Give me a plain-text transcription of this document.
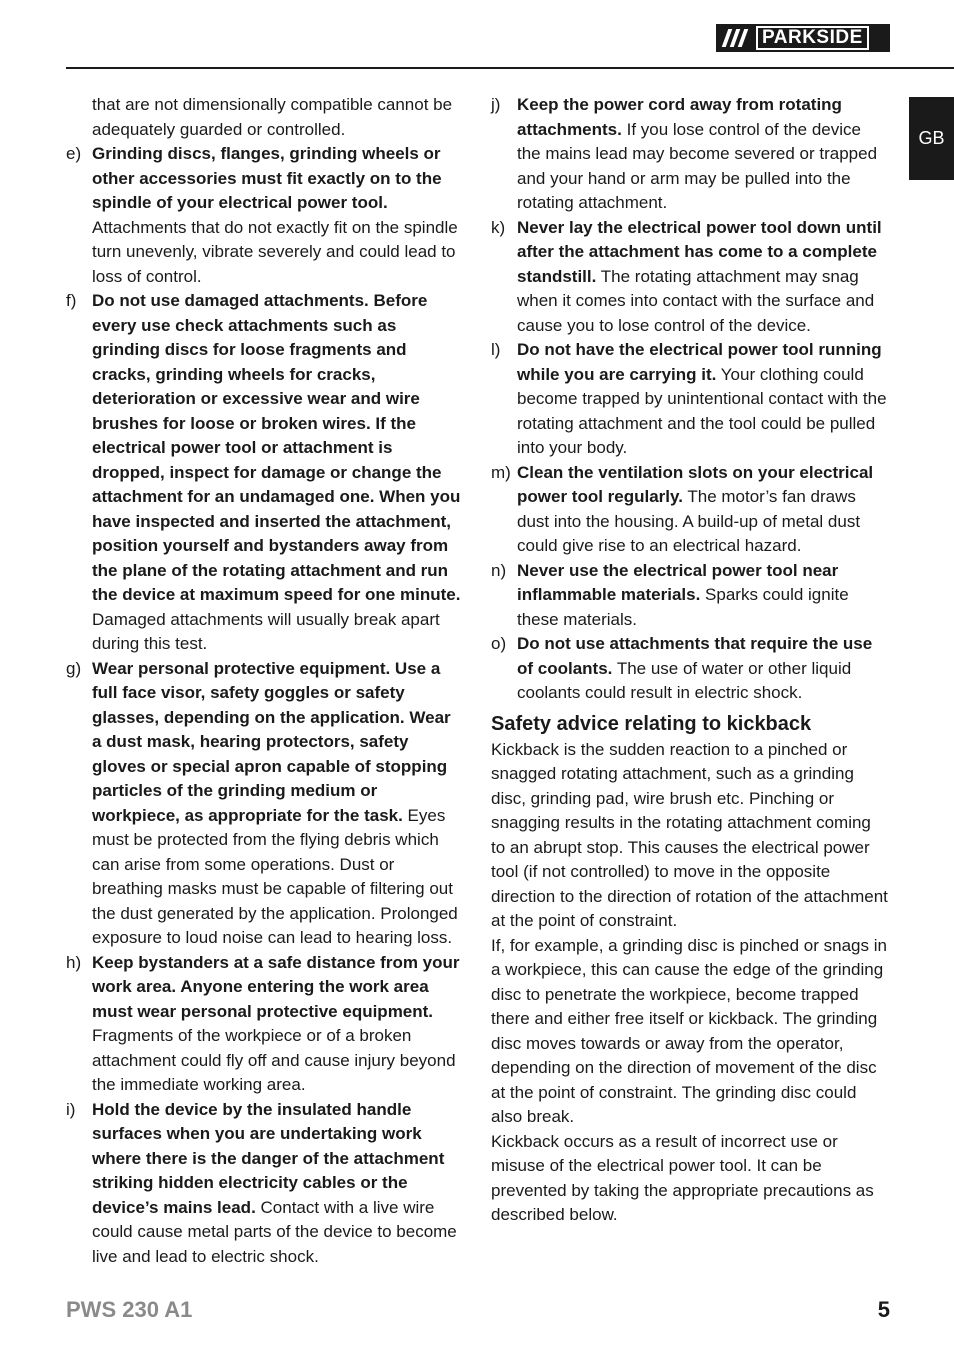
PARKSIDE
GB
that are not dimensionally compatible cannot be adequately guarded or controlled.
e) Grinding discs, flanges, grinding wheels or other accessories must fit exactly on to the spindle of your electrical power tool. Attachments that do not exactly fit on the spindle turn unevenly, vibrate severely and could lead to loss of control.
f) Do not use damaged attachments. Before every use check attachments such as grinding discs for loose fragments and cracks, grinding wheels for cracks, deterioration or excessive wear and wire brushes for loose or broken wires. If the electrical power tool or attachment is dropped, inspect for damage or change the attachment for an undamaged one. When you have inspected and inserted the attachment, position yourself and bystanders away from the plane of the rotating attachment and run the device at maximum speed for one minute. Damaged attachments will usually break apart during this test.
g) Wear personal protective equipment. Use a full face visor, safety goggles or safety glasses, depending on the application. Wear a dust mask, hearing protectors, safety gloves or special apron capable of stopping particles of the grinding medium or workpiece, as appropriate for the task. Eyes must be protected from the flying debris which can arise from some operations. Dust or breathing masks must be capable of filtering out the dust generated by the application. Prolonged exposure to loud noise can lead to hearing loss.
h) Keep bystanders at a safe distance from your work area. Anyone entering the work area must wear personal protective equipment. Fragments of the workpiece or of a broken attachment could fly off and cause injury beyond the immediate working area.
i) Hold the device by the insulated handle surfaces when you are undertaking work where there is the danger of the attachment striking hidden electricity cables or the device’s mains lead. Contact with a live wire could cause metal parts of the device to become live and lead to electric shock.
j) Keep the power cord away from rotating attachments. If you lose control of the device the mains lead may become severed or trapped and your hand or arm may be pulled into the rotating attachment.
k) Never lay the electrical power tool down until after the attachment has come to a complete standstill. The rotating attachment may snag when it comes into contact with the surface and cause you to lose control of the device.
l) Do not have the electrical power tool running while you are carrying it. Your clothing could become trapped by unintentional contact with the rotating attachment and the tool could be pulled into your body.
m) Clean the ventilation slots on your electrical power tool regularly. The motor’s fan draws dust into the housing. A build-up of metal dust could give rise to an electrical hazard.
n) Never use the electrical power tool near inflammable materials. Sparks could ignite these materials.
o) Do not use attachments that require the use of coolants. The use of water or other liquid coolants could result in electric shock.
Safety advice relating to kickback
Kickback is the sudden reaction to a pinched or snagged rotating attachment, such as a grinding disc, grinding pad, wire brush etc. Pinching or snagging results in the rotating attachment coming to an abrupt stop. This causes the electrical power tool (if not controlled) to move in the opposite direction to the direction of rotation of the attachment at the point of constraint.
If, for example, a grinding disc is pinched or snags in a workpiece, this can cause the edge of the grinding disc to penetrate the workpiece, become trapped there and either free itself or kickback. The grinding disc moves towards or away from the operator, depending on the direction of movement of the disc at the point of constraint. The grinding disc could also break.
Kickback occurs as a result of incorrect use or misuse of the electrical power tool. It can be prevented by taking the appropriate precautions as described below.
PWS 230 A1	5
